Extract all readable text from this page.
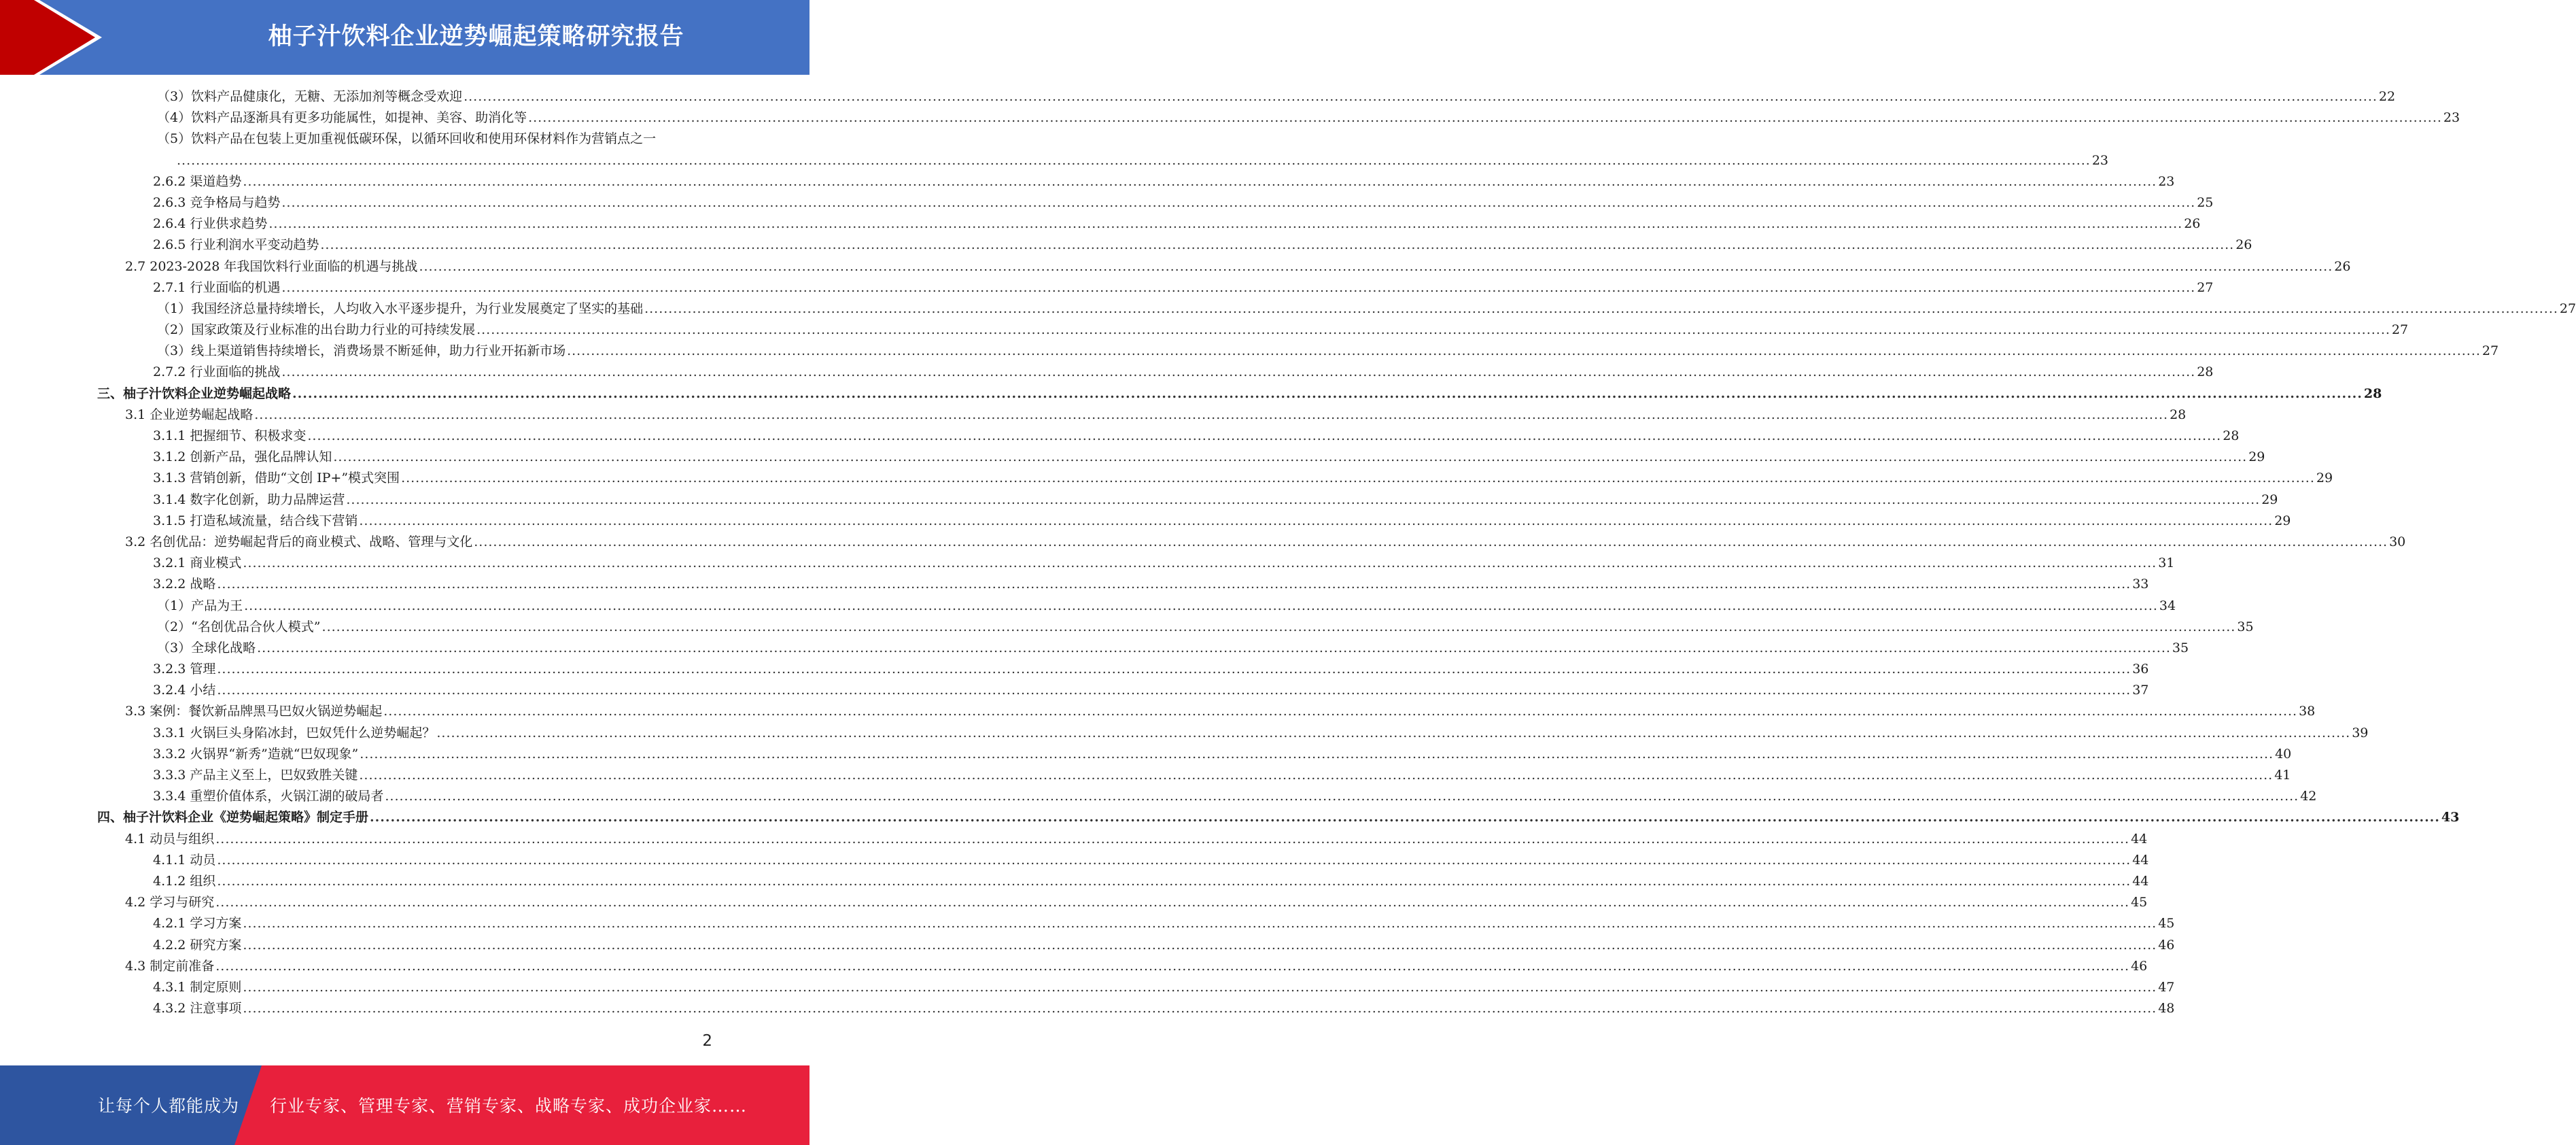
柚子汁饮料企业逆势崛起策略研究报告
（3）饮料产品健康化，无糖、无添加剂等概念受欢迎 ................................................................................................................................................................................................................................................................................................................................................................................................................ 22
（4）饮料产品逐渐具有更多功能属性，如提神、美容、助消化等 ................................................................................................................................................................................................................................................................................................................................................................................................................ 23
（5）饮料产品在包装上更加重视低碳环保，以循环回收和使用环保材料作为营销点之一
................................................................................................................................................................................................................................................................................................................................................................................................................ 23
2.6.2 渠道趋势 ................................................................................................................................................................................................................................................................................................................................................................................................................ 23
2.6.3 竞争格局与趋势 ................................................................................................................................................................................................................................................................................................................................................................................................................ 25
2.6.4 行业供求趋势 ................................................................................................................................................................................................................................................................................................................................................................................................................ 26
2.6.5 行业利润水平变动趋势 ................................................................................................................................................................................................................................................................................................................................................................................................................ 26
2.7 2023-2028 年我国饮料行业面临的机遇与挑战 ................................................................................................................................................................................................................................................................................................................................................................................................................ 26
2.7.1 行业面临的机遇 ................................................................................................................................................................................................................................................................................................................................................................................................................ 27
（1）我国经济总量持续增长，人均收入水平逐步提升，为行业发展奠定了坚实的基础 ................................................................................................................................................................................................................................................................................................................................................................................................................ 27
（2）国家政策及行业标准的出台助力行业的可持续发展 ................................................................................................................................................................................................................................................................................................................................................................................................................ 27
（3）线上渠道销售持续增长，消费场景不断延伸，助力行业开拓新市场 ................................................................................................................................................................................................................................................................................................................................................................................................................ 27
2.7.2 行业面临的挑战 ................................................................................................................................................................................................................................................................................................................................................................................................................ 28
三、柚子汁饮料企业逆势崛起战略 ................................................................................................................................................................................................................................................................................................................................................................................................................ 28
3.1 企业逆势崛起战略 ................................................................................................................................................................................................................................................................................................................................................................................................................ 28
3.1.1 把握细节、积极求变 ................................................................................................................................................................................................................................................................................................................................................................................................................ 28
3.1.2 创新产品，强化品牌认知 ................................................................................................................................................................................................................................................................................................................................................................................................................ 29
3.1.3 营销创新，借助“文创 IP+”模式突围 ................................................................................................................................................................................................................................................................................................................................................................................................................ 29
3.1.4 数字化创新，助力品牌运营 ................................................................................................................................................................................................................................................................................................................................................................................................................ 29
3.1.5 打造私域流量，结合线下营销 ................................................................................................................................................................................................................................................................................................................................................................................................................ 29
3.2 名创优品：逆势崛起背后的商业模式、战略、管理与文化 ................................................................................................................................................................................................................................................................................................................................................................................................................ 30
3.2.1 商业模式 ................................................................................................................................................................................................................................................................................................................................................................................................................ 31
3.2.2 战略 ................................................................................................................................................................................................................................................................................................................................................................................................................ 33
（1）产品为王 ................................................................................................................................................................................................................................................................................................................................................................................................................ 34
（2）“名创优品合伙人模式” ................................................................................................................................................................................................................................................................................................................................................................................................................ 35
（3）全球化战略 ................................................................................................................................................................................................................................................................................................................................................................................................................ 35
3.2.3 管理 ................................................................................................................................................................................................................................................................................................................................................................................................................ 36
3.2.4 小结 ................................................................................................................................................................................................................................................................................................................................................................................................................ 37
3.3 案例：餐饮新品牌黑马巴奴火锅逆势崛起 ................................................................................................................................................................................................................................................................................................................................................................................................................ 38
3.3.1 火锅巨头身陷冰封，巴奴凭什么逆势崛起？ ................................................................................................................................................................................................................................................................................................................................................................................................................ 39
3.3.2 火锅界“新秀”造就“巴奴现象” ................................................................................................................................................................................................................................................................................................................................................................................................................ 40
3.3.3 产品主义至上，巴奴致胜关键 ................................................................................................................................................................................................................................................................................................................................................................................................................ 41
3.3.4 重塑价值体系，火锅江湖的破局者 ................................................................................................................................................................................................................................................................................................................................................................................................................ 42
四、柚子汁饮料企业《逆势崛起策略》制定手册 ................................................................................................................................................................................................................................................................................................................................................................................................................ 43
4.1 动员与组织 ................................................................................................................................................................................................................................................................................................................................................................................................................ 44
4.1.1 动员 ................................................................................................................................................................................................................................................................................................................................................................................................................ 44
4.1.2 组织 ................................................................................................................................................................................................................................................................................................................................................................................................................ 44
4.2 学习与研究 ................................................................................................................................................................................................................................................................................................................................................................................................................ 45
4.2.1 学习方案 ................................................................................................................................................................................................................................................................................................................................................................................................................ 45
4.2.2 研究方案 ................................................................................................................................................................................................................................................................................................................................................................................................................ 46
4.3 制定前准备 ................................................................................................................................................................................................................................................................................................................................................................................................................ 46
4.3.1 制定原则 ................................................................................................................................................................................................................................................................................................................................................................................................................ 47
4.3.2 注意事项 ................................................................................................................................................................................................................................................................................................................................................................................................................ 48
2
让每个人都能成为 行业专家、管理专家、营销专家、战略专家、成功企业家……
